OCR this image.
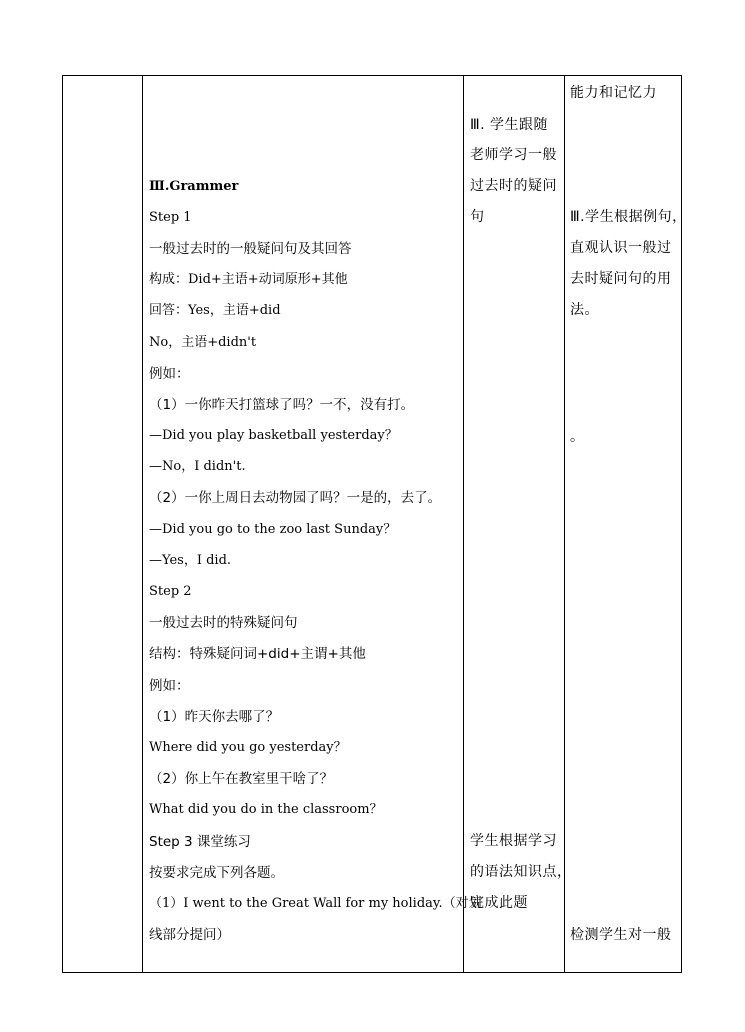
Ⅲ.Grammer
Step 1
一般过去时的一般疑问句及其回答
构成：Did+主语+动词原形+其他
回答：Yes，主语+did
No，主语+didn't
例如：
（1）一你昨天打篮球了吗？一不，没有打。
—Did you play basketball yesterday？
—No，I didn't.
（2）一你上周日去动物园了吗？一是的，去了。
—Did you go to the zoo last Sunday？
—Yes，I did.
Step 2
一般过去时的特殊疑问句
结构：特殊疑问词+did+主谓+其他
例如：
（1）昨天你去哪了？
Where did you go yesterday？
（2）你上午在教室里干啥了？
What did you do in the classroom？
Step 3 课堂练习
按要求完成下列各题。
（1）I went to the Great Wall for my holiday.（对划
线部分提问）
Ⅲ. 学生跟随
老师学习一般
过去时的疑问
句
学生根据学习
的语法知识点，
完成此题
能力和记忆力
Ⅲ.学生根据例句，
直观认识一般过
去时疑问句的用
法。
。
检测学生对一般
